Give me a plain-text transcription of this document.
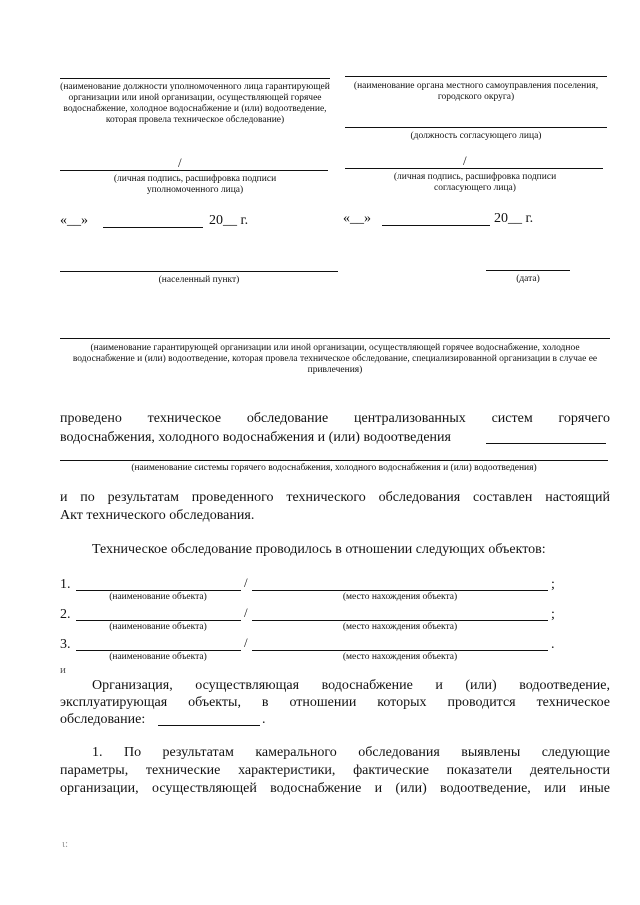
(наименование должности уполномоченного лица гарантирующей организации или иной организации, осуществляющей горячее водоснабжение, холодное водоснабжение и (или) водоотведение, которая провела техническое обследование)
(наименование органа местного самоуправления поселения, городского округа)
(должность согласующего лица)
/
(личная подпись, расшифровка подписи уполномоченного лица)
/
(личная подпись, расшифровка подписи согласующего лица)
«__»	20__ г.	«__»	20__ г.
(населенный пункт)	(дата)
(наименование гарантирующей организации или иной организации, осуществляющей горячее водоснабжение, холодное водоснабжение и (или) водоотведение, которая провела техническое обследование, специализированной организации в случае ее привлечения)
проведено техническое обследование централизованных систем горячего
водоснабжения, холодного водоснабжения и (или) водоотведения
(наименование системы горячего водоснабжения, холодного водоснабжения и (или) водоотведения)
и по результатам проведенного технического обследования составлен настоящий
Акт технического обследования.
Техническое обследование проводилось в отношении следующих объектов:
1.	/	;
(наименование объекта)	(место нахождения объекта)
2.	/	;
(наименование объекта)	(место нахождения объекта)
3.	/	.
(наименование объекта)	(место нахождения объекта)
и
Организация, осуществляющая водоснабжение и (или) водоотведение,
эксплуатирующая объекты, в отношении которых проводится техническое
обследование:	.
1. По результатам камерального обследования выявлены следующие
параметры, технические характеристики, фактические показатели деятельности
организации, осуществляющей водоснабжение и (или) водоотведение, или иные
ι:
